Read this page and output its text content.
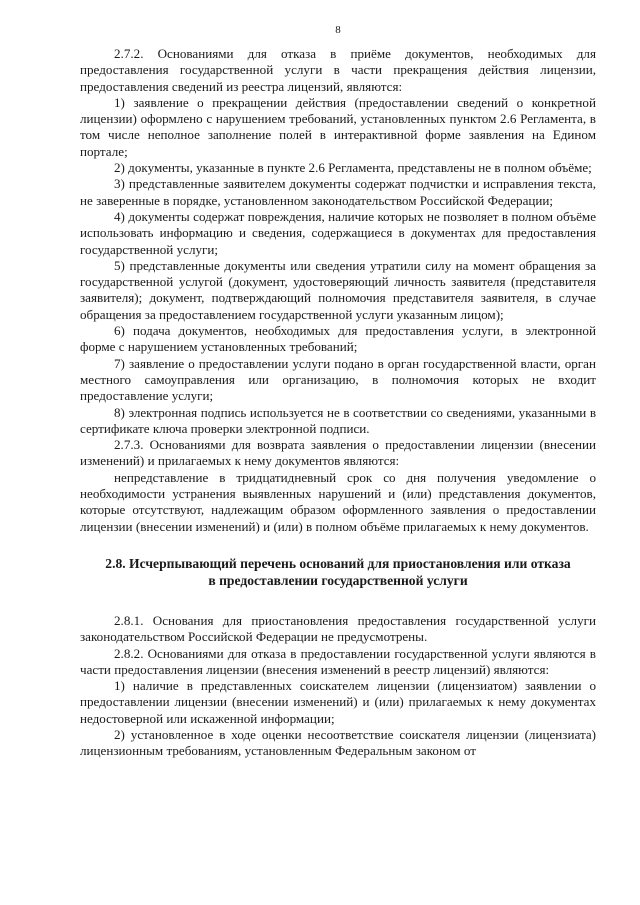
8

2.7.2. Основаниями для отказа в приёме документов, необходимых для предоставления государственной услуги в части прекращения действия лицензии, предоставления сведений из реестра лицензий, являются:

1) заявление о прекращении действия (предоставлении сведений о конкретной лицензии) оформлено с нарушением требований, установленных пунктом 2.6 Регламента, в том числе неполное заполнение полей в интерактивной форме заявления на Едином портале;

2) документы, указанные в пункте 2.6 Регламента, представлены не в полном объёме;

3) представленные заявителем документы содержат подчистки и исправления текста, не заверенные в порядке, установленном законодательством Российской Федерации;

4) документы содержат повреждения, наличие которых не позволяет в полном объёме использовать информацию и сведения, содержащиеся в документах для предоставления государственной услуги;

5) представленные документы или сведения утратили силу на момент обращения за государственной услугой (документ, удостоверяющий личность заявителя (представителя заявителя); документ, подтверждающий полномочия представителя заявителя, в случае обращения за предоставлением государственной услуги указанным лицом);

6) подача документов, необходимых для предоставления услуги, в электронной форме с нарушением установленных требований;

7) заявление о предоставлении услуги подано в орган государственной власти, орган местного самоуправления или организацию, в полномочия которых не входит предоставление услуги;

8) электронная подпись используется не в соответствии со сведениями, указанными в сертификате ключа проверки электронной подписи.

2.7.3. Основаниями для возврата заявления о предоставлении лицензии (внесении изменений) и прилагаемых к нему документов являются:

непредставление в тридцатидневный срок со дня получения уведомление о необходимости устранения выявленных нарушений и (или) представления документов, которые отсутствуют, надлежащим образом оформленного заявления о предоставлении лицензии (внесении изменений) и (или) в полном объёме прилагаемых к нему документов.

2.8. Исчерпывающий перечень оснований для приостановления или отказа
в предоставлении государственной услуги

2.8.1. Основания для приостановления предоставления государственной услуги законодательством Российской Федерации не предусмотрены.

2.8.2. Основаниями для отказа в предоставлении государственной услуги являются в части предоставления лицензии (внесения изменений в реестр лицензий) являются:

1) наличие в представленных соискателем лицензии (лицензиатом) заявлении о предоставлении лицензии (внесении изменений) и (или) прилагаемых к нему документах недостоверной или искаженной информации;

2) установленное в ходе оценки несоответствие соискателя лицензии (лицензиата) лицензионным требованиям, установленным Федеральным законом от
